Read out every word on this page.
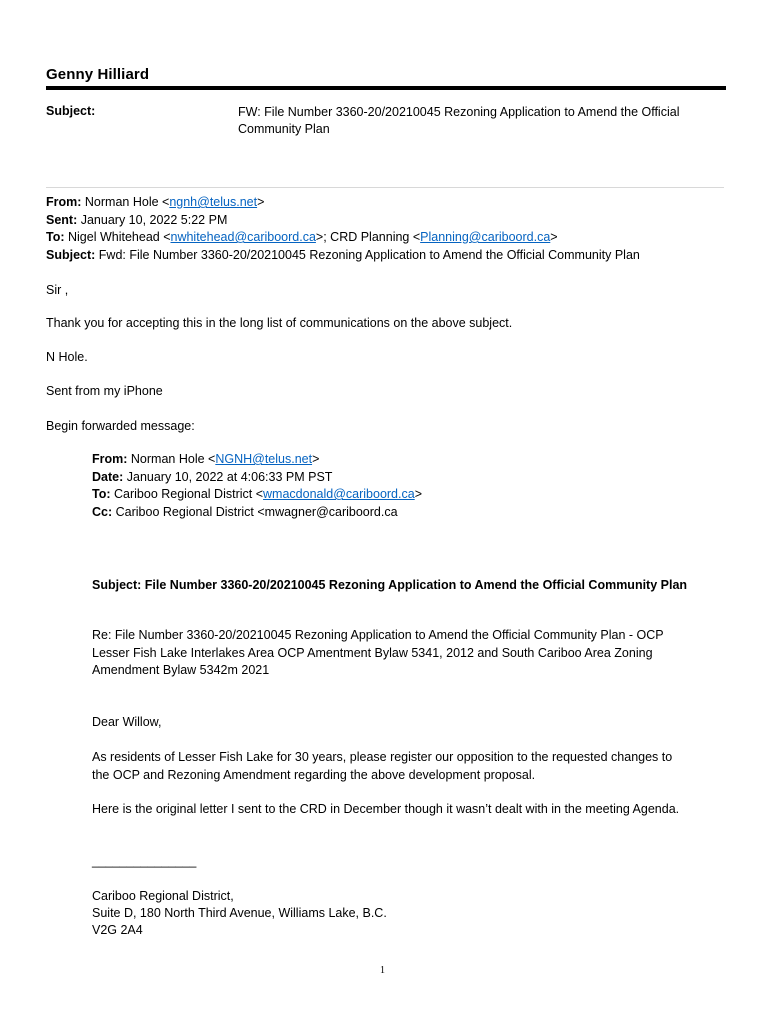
Genny Hilliard
Subject:	FW: File Number 3360-20/20210045 Rezoning Application to Amend the Official Community Plan
From: Norman Hole <ngnh@telus.net>
Sent: January 10, 2022 5:22 PM
To: Nigel Whitehead <nwhitehead@cariboord.ca>; CRD Planning <Planning@cariboord.ca>
Subject: Fwd: File Number 3360-20/20210045 Rezoning Application to Amend the Official Community Plan
Sir ,
Thank you for accepting this in the long list of communications on the above subject.
N Hole.
Sent from my iPhone
Begin forwarded message:
From: Norman Hole <NGNH@telus.net>
Date: January 10, 2022 at 4:06:33 PM PST
To: Cariboo Regional District <wmacdonald@cariboord.ca>
Cc: Cariboo Regional District <mwagner@cariboord.ca
Subject: File Number 3360-20/20210045 Rezoning Application to Amend the Official Community Plan
Re: File Number 3360-20/20210045 Rezoning Application to Amend the Official Community Plan - OCP Lesser Fish Lake Interlakes Area OCP Amentment Bylaw 5341, 2012 and South Cariboo Area Zoning Amendment Bylaw 5342m 2021
Dear Willow,
As residents of Lesser Fish Lake for 30 years, please register our opposition to the requested changes to the OCP and Rezoning Amendment regarding the above development proposal.
Here is the original letter I sent to the CRD in December though it wasn’t dealt with in the meeting Agenda.
_______________
Cariboo Regional District,
Suite D, 180 North Third Avenue, Williams Lake, B.C.
V2G 2A4
1
